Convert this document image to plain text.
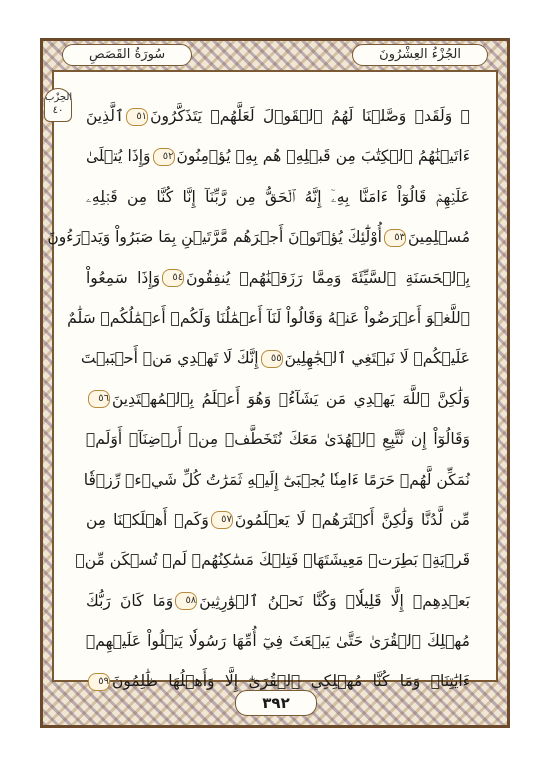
سُورَةُ القَصَصِ	الجُزْءُ العِشْرُونَ
الحِزْب
٤٠	۞ وَلَقَدۡ وَصَّلۡنَا لَهُمُ ٱلۡقَوۡلَ لَعَلَّهُمۡ يَتَذَكَّرُونَ٥١ٱلَّذِينَ
ءَاتَيۡنَٰهُمُ ٱلۡكِتَٰبَ مِن قَبۡلِهِۦ هُم بِهِۦ يُؤۡمِنُونَ٥٢وَإِذَا يُتۡلَىٰ
عَلَيۡهِمۡ قَالُوٓاْ ءَامَنَّا بِهِۦٓ إِنَّهُ ٱلۡحَقُّ مِن رَّبِّنَآ إِنَّا كُنَّا مِن قَبۡلِهِۦ
مُسۡلِمِينَ٥٣أُوْلَٰٓئِكَ يُؤۡتَوۡنَ أَجۡرَهُم مَّرَّتَيۡنِ بِمَا صَبَرُواْ وَيَدۡرَءُونَ
بِٱلۡحَسَنَةِ ٱلسَّيِّئَةَ وَمِمَّا رَزَقۡنَٰهُمۡ يُنفِقُونَ٥٤وَإِذَا سَمِعُواْ
ٱللَّغۡوَ أَعۡرَضُواْ عَنۡهُ وَقَالُواْ لَنَآ أَعۡمَٰلُنَا وَلَكُمۡ أَعۡمَٰلُكُمۡ سَلَٰمٌ
عَلَيۡكُمۡ لَا نَبۡتَغِي ٱلۡجَٰهِلِينَ٥٥إِنَّكَ لَا تَهۡدِي مَنۡ أَحۡبَبۡتَ
وَلَٰكِنَّ ٱللَّهَ يَهۡدِي مَن يَشَآءُۚ وَهُوَ أَعۡلَمُ بِٱلۡمُهۡتَدِينَ٥٦
وَقَالُوٓاْ إِن نَّتَّبِعِ ٱلۡهُدَىٰ مَعَكَ نُتَخَطَّفۡ مِنۡ أَرۡضِنَآۚ أَوَلَمۡ
نُمَكِّن لَّهُمۡ حَرَمًا ءَامِنٗا يُجۡبَىٰٓ إِلَيۡهِ ثَمَرَٰتُ كُلِّ شَيۡءٖ رِّزۡقٗا
مِّن لَّدُنَّا وَلَٰكِنَّ أَكۡثَرَهُمۡ لَا يَعۡلَمُونَ٥٧وَكَمۡ أَهۡلَكۡنَا مِن
قَرۡيَةِۭ بَطِرَتۡ مَعِيشَتَهَاۖ فَتِلۡكَ مَسَٰكِنُهُمۡ لَمۡ تُسۡكَن مِّنۢ
بَعۡدِهِمۡ إِلَّا قَلِيلٗاۖ وَكُنَّا نَحۡنُ ٱلۡوَٰرِثِينَ٥٨وَمَا كَانَ رَبُّكَ
مُهۡلِكَ ٱلۡقُرَىٰ حَتَّىٰ يَبۡعَثَ فِيٓ أُمِّهَا رَسُولٗا يَتۡلُواْ عَلَيۡهِمۡ
ءَايَٰتِنَاۚ وَمَا كُنَّا مُهۡلِكِي ٱلۡقُرَىٰٓ إِلَّا وَأَهۡلُهَا ظَٰلِمُونَ٥٩
٣٩٢
